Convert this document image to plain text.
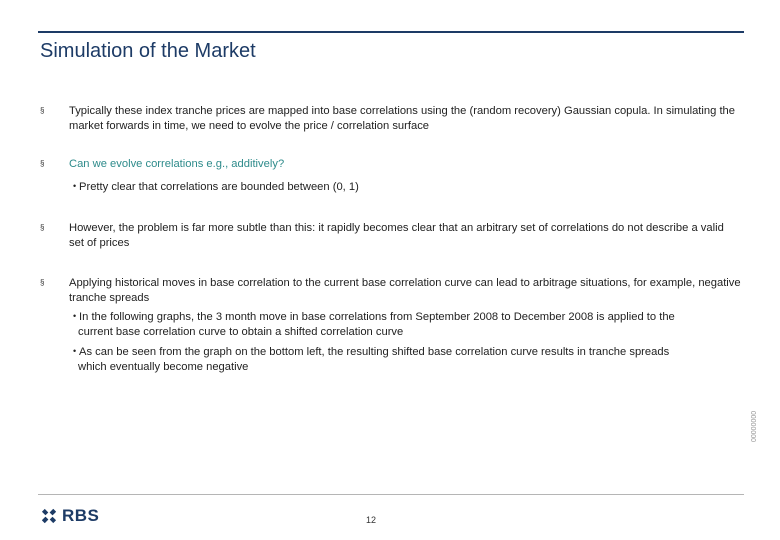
Simulation of the Market
§ Typically these index tranche prices are mapped into base correlations using the (random recovery) Gaussian copula. In simulating the market forwards in time, we need to evolve the price / correlation surface
§ Can we evolve correlations e.g., additively?
• Pretty clear that correlations are bounded between (0, 1)
§ However, the problem is far more subtle than this: it rapidly becomes clear that an arbitrary set of correlations do not describe a valid set of prices
§ Applying historical moves in base correlation to the current base correlation curve can lead to arbitrage situations, for example, negative tranche spreads
• In the following graphs, the 3 month move in base correlations from September 2008 to December 2008 is applied to the
current base correlation curve to obtain a shifted correlation curve
• As can be seen from the graph on the bottom left, the resulting shifted base correlation curve results in tranche spreads
which eventually become negative
00000000
RBS	12
